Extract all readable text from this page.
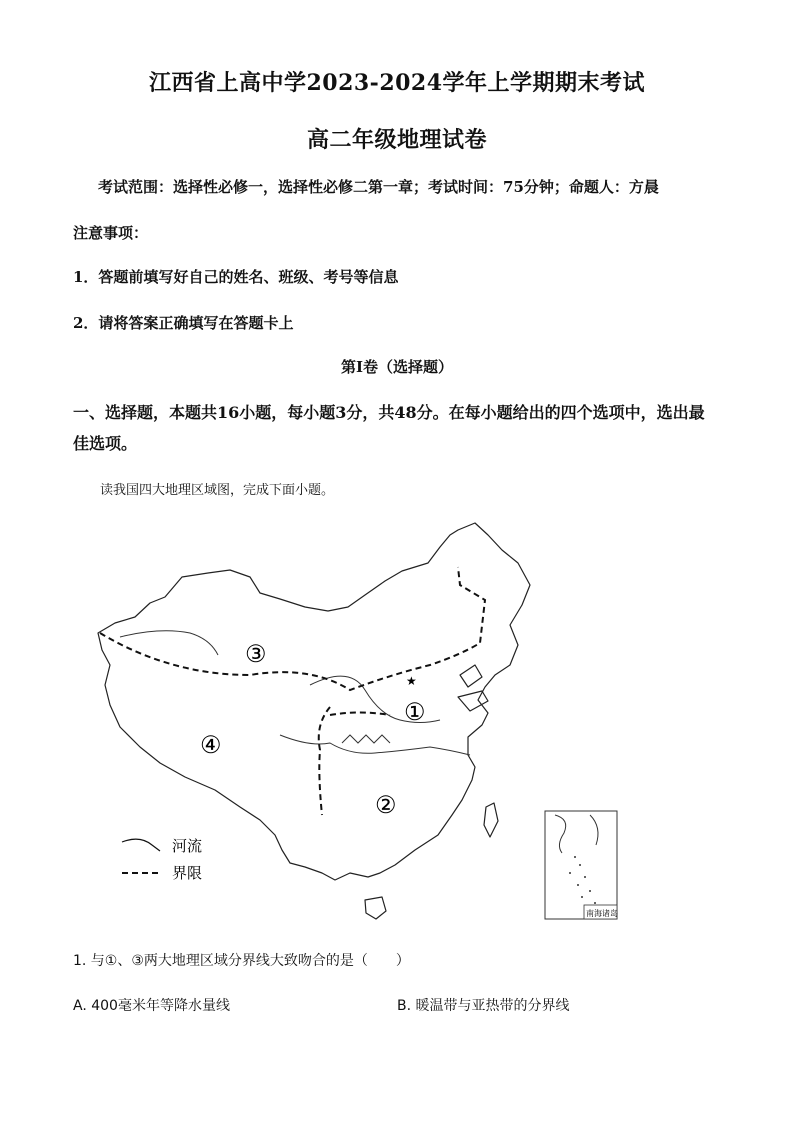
江西省上高中学2023-2024学年上学期期末考试
高二年级地理试卷
考试范围：选择性必修一，选择性必修二第一章；考试时间：75分钟；命题人：方晨
注意事项：
1．答题前填写好自己的姓名、班级、考号等信息
2．请将答案正确填写在答题卡上
第I卷（选择题）
一、选择题，本题共16小题，每小题3分，共48分。在每小题给出的四个选项中，选出最
佳选项。
读我国四大地理区域图，完成下面小题。
③
①
④
②
★
河流
界限
南海诸岛
1. 与①、③两大地理区域分界线大致吻合的是（　　）
A. 400毫米年等降水量线	B. 暖温带与亚热带的分界线
